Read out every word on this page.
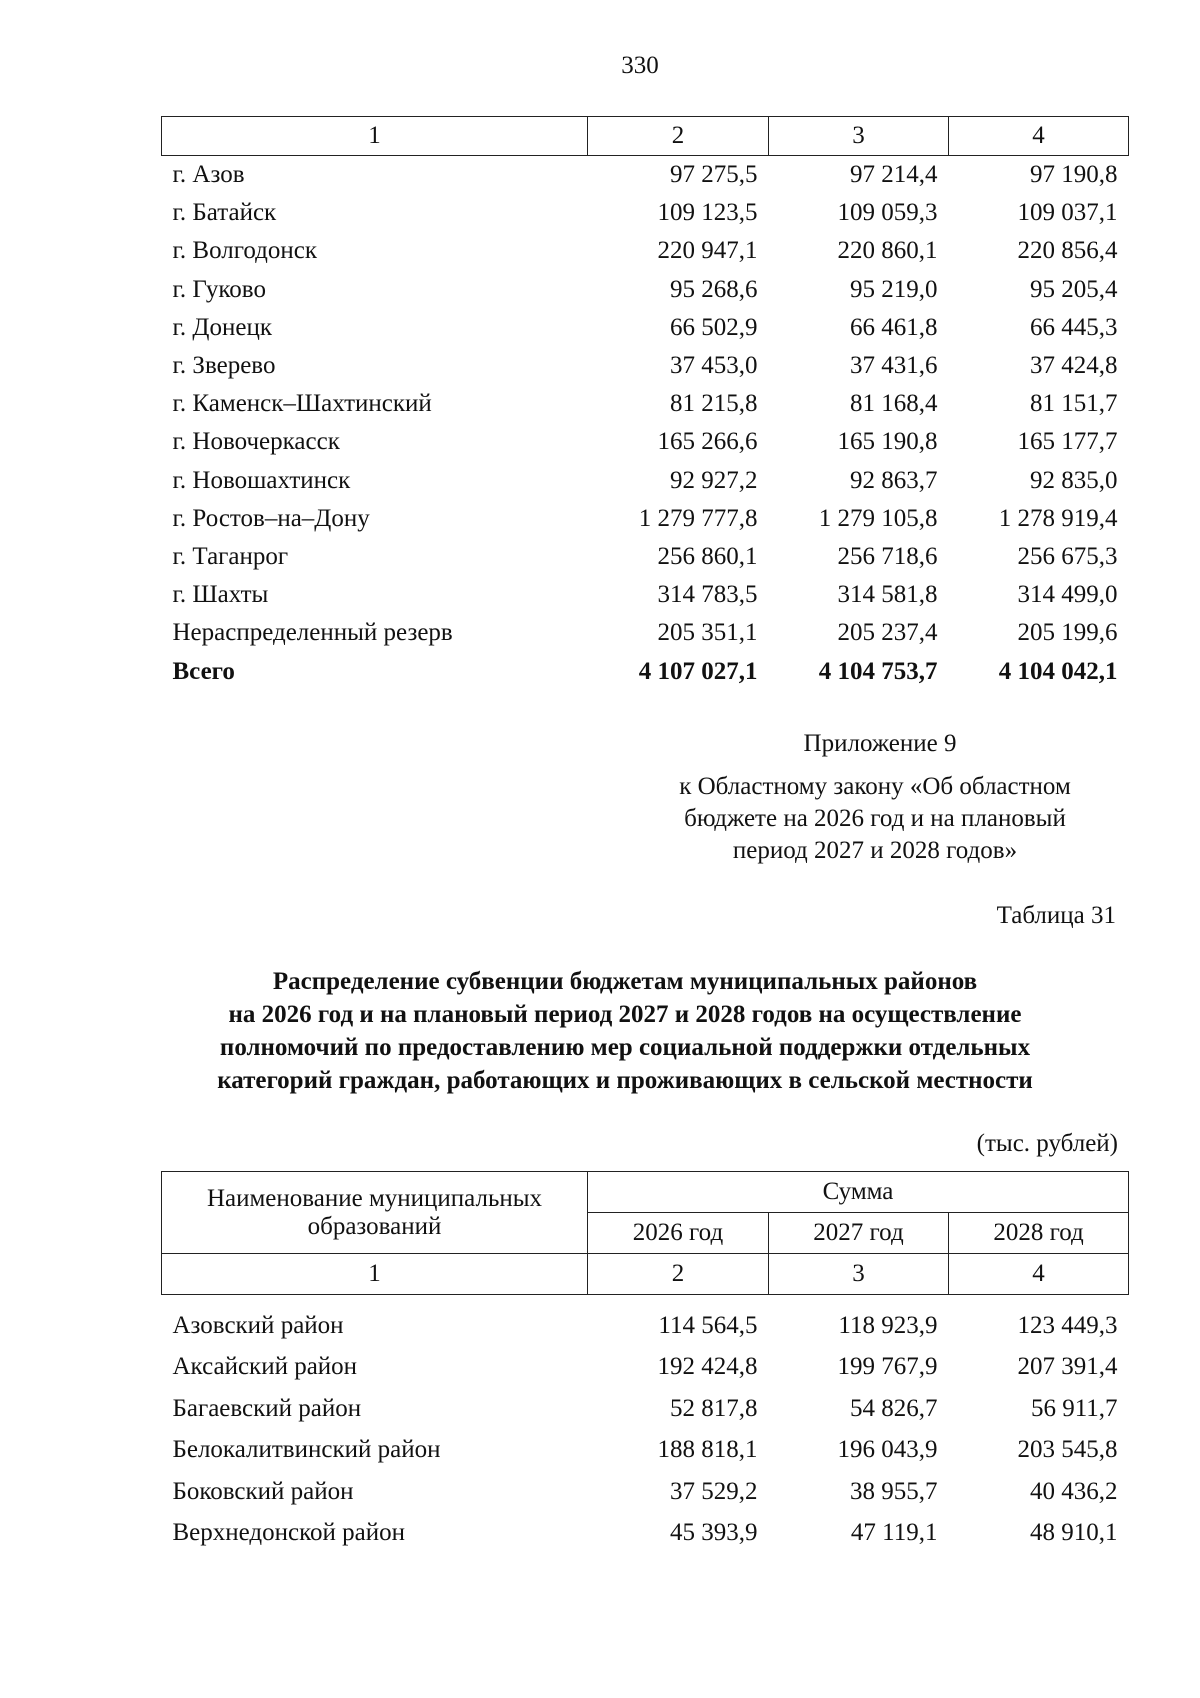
330
1	2	3	4
г. Азов	97 275,5	97 214,4	97 190,8
г. Батайск	109 123,5	109 059,3	109 037,1
г. Волгодонск	220 947,1	220 860,1	220 856,4
г. Гуково	95 268,6	95 219,0	95 205,4
г. Донецк	66 502,9	66 461,8	66 445,3
г. Зверево	37 453,0	37 431,6	37 424,8
г. Каменск–Шахтинский	81 215,8	81 168,4	81 151,7
г. Новочеркасск	165 266,6	165 190,8	165 177,7
г. Новошахтинск	92 927,2	92 863,7	92 835,0
г. Ростов–на–Дону	1 279 777,8	1 279 105,8	1 278 919,4
г. Таганрог	256 860,1	256 718,6	256 675,3
г. Шахты	314 783,5	314 581,8	314 499,0
Нераспределенный резерв	205 351,1	205 237,4	205 199,6
Всего	4 107 027,1	4 104 753,7	4 104 042,1
Приложение 9
к Областному закону «Об областном
бюджете на 2026 год и на плановый
период 2027 и 2028 годов»
Таблица 31
Распределение субвенции бюджетам муниципальных районов
на 2026 год и на плановый период 2027 и 2028 годов на осуществление
полномочий по предоставлению мер социальной поддержки отдельных
категорий граждан, работающих и проживающих в сельской местности
(тыс. рублей)
Наименование муниципальных
образований	Сумма		
	2026 год	2027 год	2028 год
1	2	3	4

Азовский район	114 564,5	118 923,9	123 449,3
Аксайский район	192 424,8	199 767,9	207 391,4
Багаевский район	52 817,8	54 826,7	56 911,7
Белокалитвинский район	188 818,1	196 043,9	203 545,8
Боковский район	37 529,2	38 955,7	40 436,2
Верхнедонской район	45 393,9	47 119,1	48 910,1
